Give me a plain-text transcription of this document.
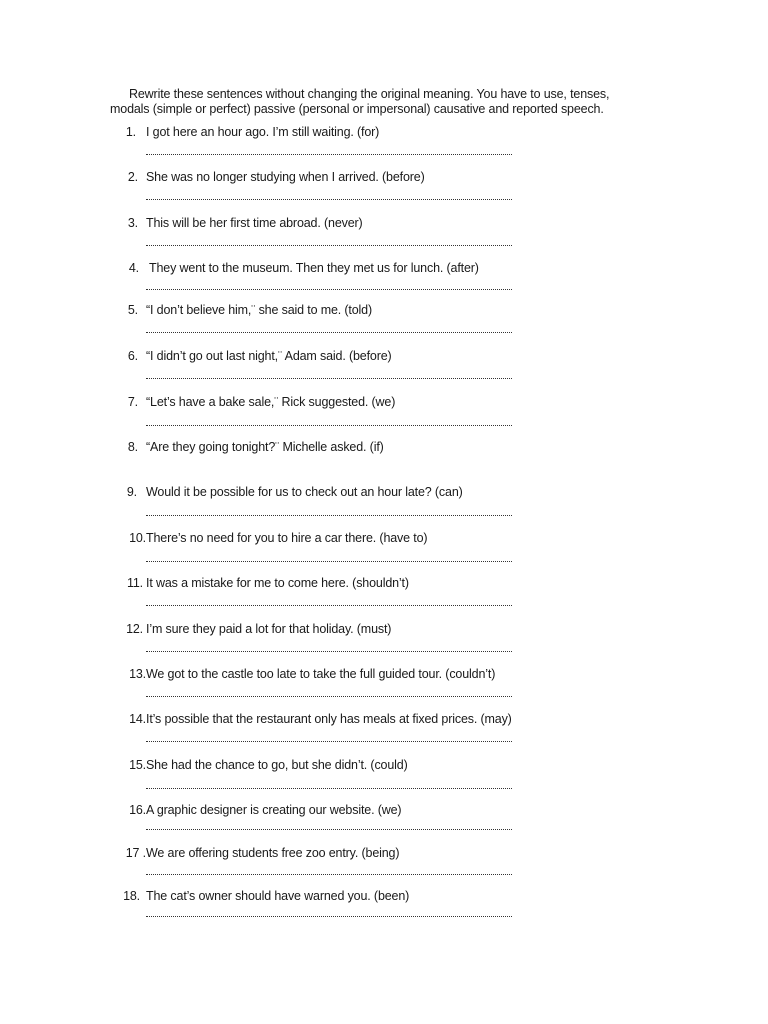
Rewrite these sentences without changing the original meaning. You have to use, tenses, modals (simple or perfect) passive (personal or impersonal) causative and reported speech.

1. I got here an hour ago. I’m still waiting. (for)
2. She was no longer studying when I arrived. (before)
3. This will be her first time abroad. (never)
4. They went to the museum. Then they met us for lunch. (after)
5. “I don’t believe him,¨ she said to me. (told)
6. “I didn’t go out last night,¨ Adam said. (before)
7. “Let’s have a bake sale,¨ Rick suggested. (we)
8. “Are they going tonight?¨ Michelle asked. (if)
9. Would it be possible for us to check out an hour late? (can)
10. There’s no need for you to hire a car there. (have to)
11. It was a mistake for me to come here. (shouldn’t)
12. I’m sure they paid a lot for that holiday. (must)
13. We got to the castle too late to take the full guided tour. (couldn’t)
14. It’s possible that the restaurant only has meals at fixed prices. (may)
15. She had the chance to go, but she didn’t. (could)
16. A graphic designer is creating our website. (we)
17 . We are offering students free zoo entry. (being)
18. The cat’s owner should have warned you. (been)
